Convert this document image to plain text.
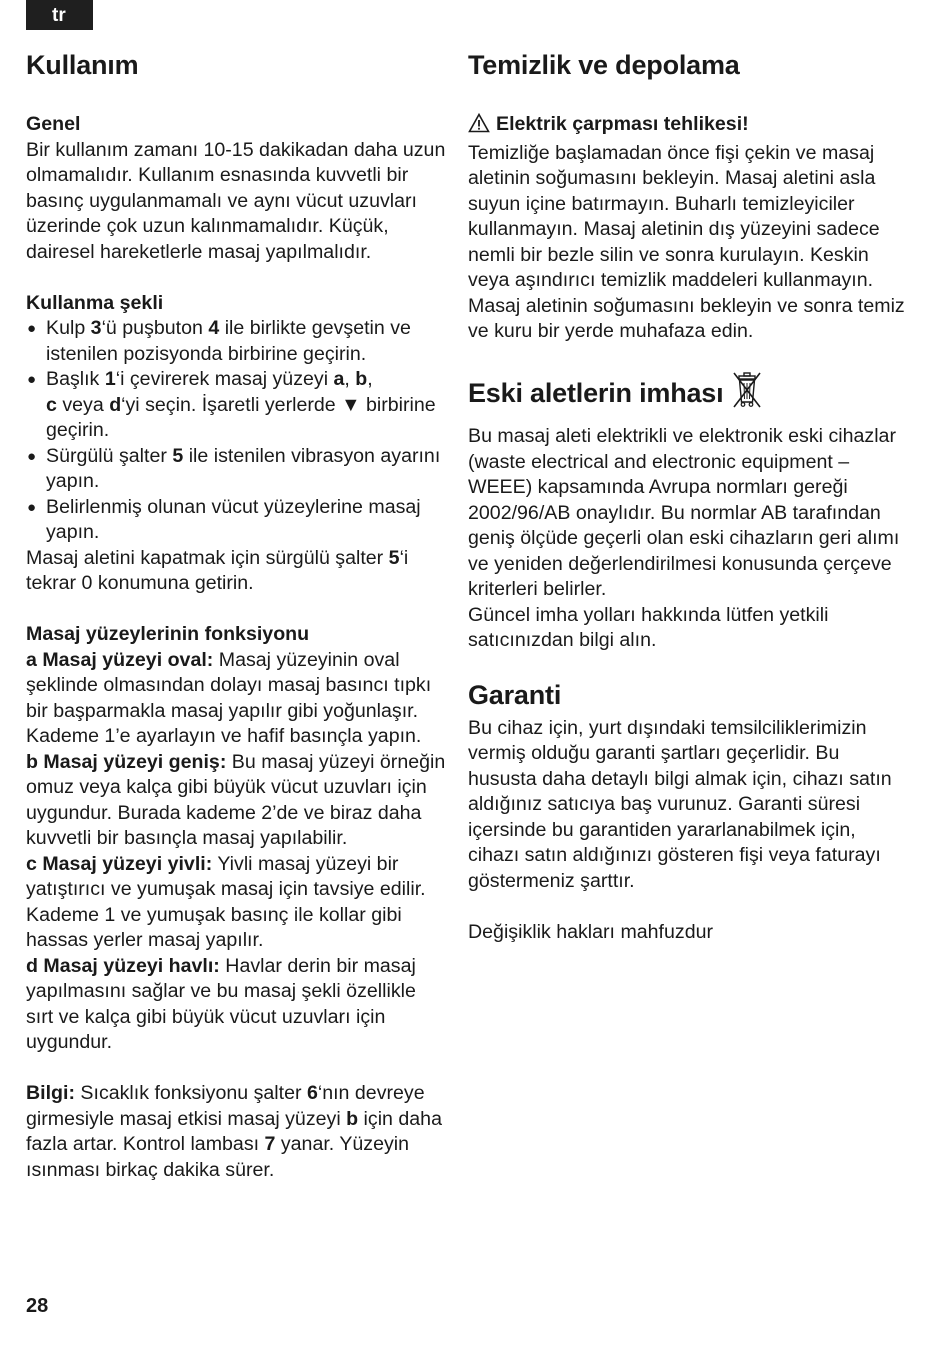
tr
Kullanım
Genel
Bir kullanım zamanı 10-15 dakikadan daha uzun olmamalıdır. Kullanım esnasında kuvvetli bir basınç uygulanmamalı ve aynı vücut uzuvları üzerinde çok uzun kalınmamalıdır. Küçük, dairesel hareketlerle masaj yapılmalıdır.
Kullanma şekli
● Kulp 3‘ü puşbuton 4 ile birlikte gevşetin ve istenilen pozisyonda birbirine geçirin.
● Başlık 1‘i çevirerek masaj yüzeyi a, b,
c veya d‘yi seçin. İşaretli yerlerde ▼ birbirine geçirin.
● Sürgülü şalter 5 ile istenilen vibrasyon ayarını yapın.
● Belirlenmiş olunan vücut yüzeylerine masaj yapın.
Masaj aletini kapatmak için sürgülü şalter 5‘i tekrar 0 konumuna getirin.
Masaj yüzeylerinin fonksiyonu
a Masaj yüzeyi oval: Masaj yüzeyinin oval şeklinde olmasından dolayı masaj basıncı tıpkı bir başparmakla masaj yapılır gibi yoğunlaşır. Kademe 1’e ayarlayın ve hafif basınçla yapın.
b Masaj yüzeyi geniş: Bu masaj yüzeyi örneğin omuz veya kalça gibi büyük vücut uzuvları için uygundur. Burada kademe 2’de ve biraz daha kuvvetli bir basınçla masaj yapılabilir.
c Masaj yüzeyi yivli: Yivli masaj yüzeyi bir yatıştırıcı ve yumuşak masaj için tavsiye edilir. Kademe 1 ve yumuşak basınç ile kollar gibi hassas yerler masaj yapılır.
d Masaj yüzeyi havlı: Havlar derin bir masaj yapılmasını sağlar ve bu masaj şekli özellikle sırt ve kalça gibi büyük vücut uzuvları için uygundur.
Bilgi: Sıcaklık fonksiyonu şalter 6‘nın devreye girmesiyle masaj etkisi masaj yüzeyi b için daha fazla artar. Kontrol lambası 7 yanar. Yüzeyin ısınması birkaç dakika sürer.
Temizlik ve depolama
Elektrik çarpması tehlikesi!
Temizliğe başlamadan önce fişi çekin ve masaj aletinin soğumasını bekleyin. Masaj aletini asla suyun içine batırmayın. Buharlı temizleyiciler kullanmayın. Masaj aletinin dış yüzeyini sadece nemli bir bezle silin ve sonra kurulayın. Keskin veya aşındırıcı temizlik maddeleri kullanmayın. Masaj aletinin soğumasını bekleyin ve sonra temiz ve kuru bir yerde muhafaza edin.
Eski aletlerin imhası
Bu masaj aleti elektrikli ve elektronik eski cihazlar (waste electrical and electronic equipment – WEEE) kapsamında Avrupa normları gereği 2002/96/AB onaylıdır. Bu normlar AB tarafından geniş ölçüde geçerli olan eski cihazların geri alımı ve yeniden değerlendirilmesi konusunda çerçeve kriterleri belirler.
Güncel imha yolları hakkında lütfen yetkili satıcınızdan bilgi alın.
Garanti
Bu cihaz için, yurt dışındaki temsilciliklerimizin vermiş olduğu garanti şartları geçerlidir. Bu hususta daha detaylı bilgi almak için, cihazı satın aldığınız satıcıya baş vurunuz. Garanti süresi içersinde bu garantiden yararlanabilmek için, cihazı satın aldığınızı gösteren fişi veya faturayı göstermeniz şarttır.
Değişiklik hakları mahfuzdur
28
